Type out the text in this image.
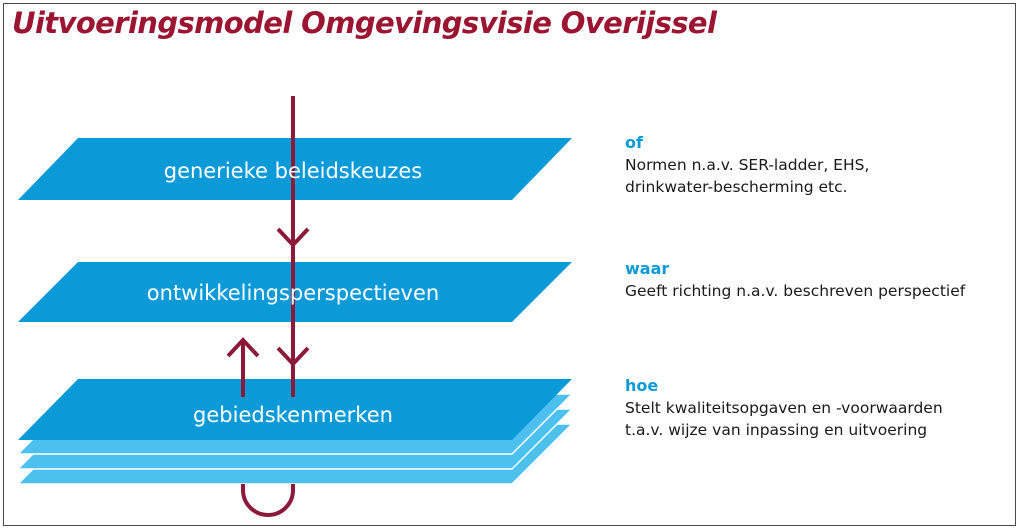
Uitvoeringsmodel Omgevingsvisie Overijssel
generieke beleidskeuzes
ontwikkelingsperspectieven
gebiedskenmerken
of
Normen n.a.v. SER-ladder, EHS,
drinkwater-bescherming etc.
waar
Geeft richting n.a.v. beschreven perspectief
hoe
Stelt kwaliteitsopgaven en -voorwaarden
t.a.v. wijze van inpassing en uitvoering
